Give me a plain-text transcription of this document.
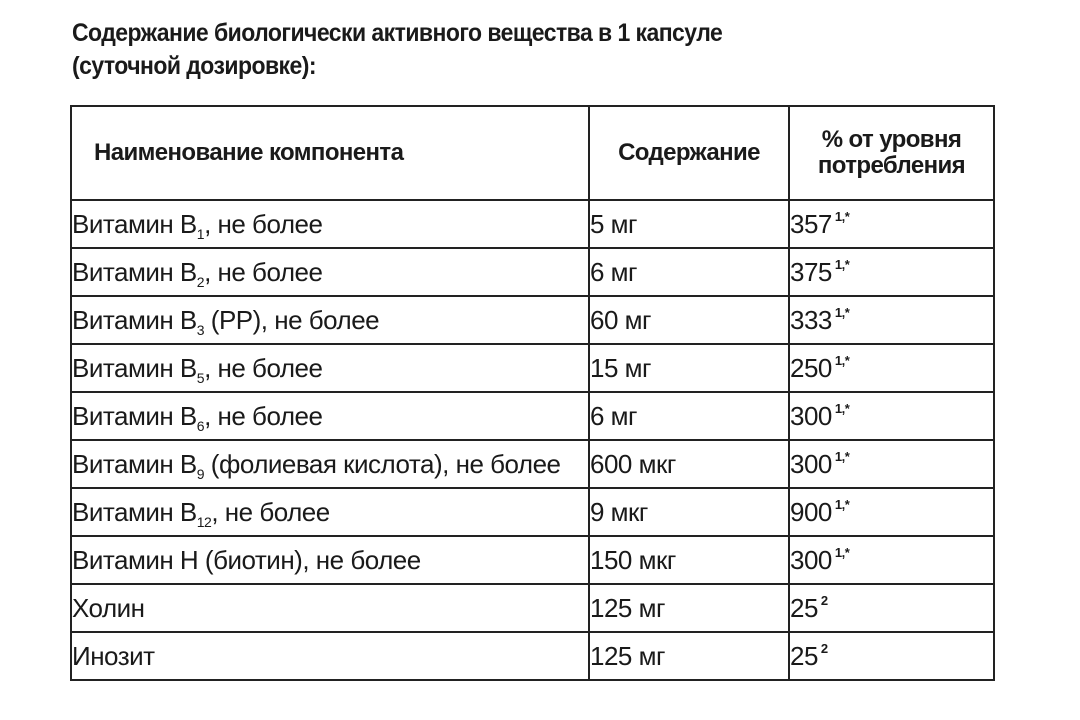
Содержание биологически активного вещества в 1 капсуле
(суточной дозировке):
Наименование компонента	Содержание	% от уровня
потребления

Витамин $В_1$, не более	5 мг	357 $^{1,*}$
Витамин $В_2$, не более	6 мг	375 $^{1,*}$
Витамин $В_3$ (РР), не более	60 мг	333 $^{1,*}$
Витамин $В_5$, не более	15 мг	250 $^{1,*}$
Витамин $В_6$, не более	6 мг	300 $^{1,*}$
Витамин $В_9$ (фолиевая кислота), не более	600 мкг	300 $^{1,*}$
Витамин $В_{12}$, не более	9 мкг	900 $^{1,*}$
Витамин Н (биотин), не более	150 мкг	300 $^{1,*}$
Холин	125 мг	25 $^2$
Инозит	125 мг	25 $^2$
